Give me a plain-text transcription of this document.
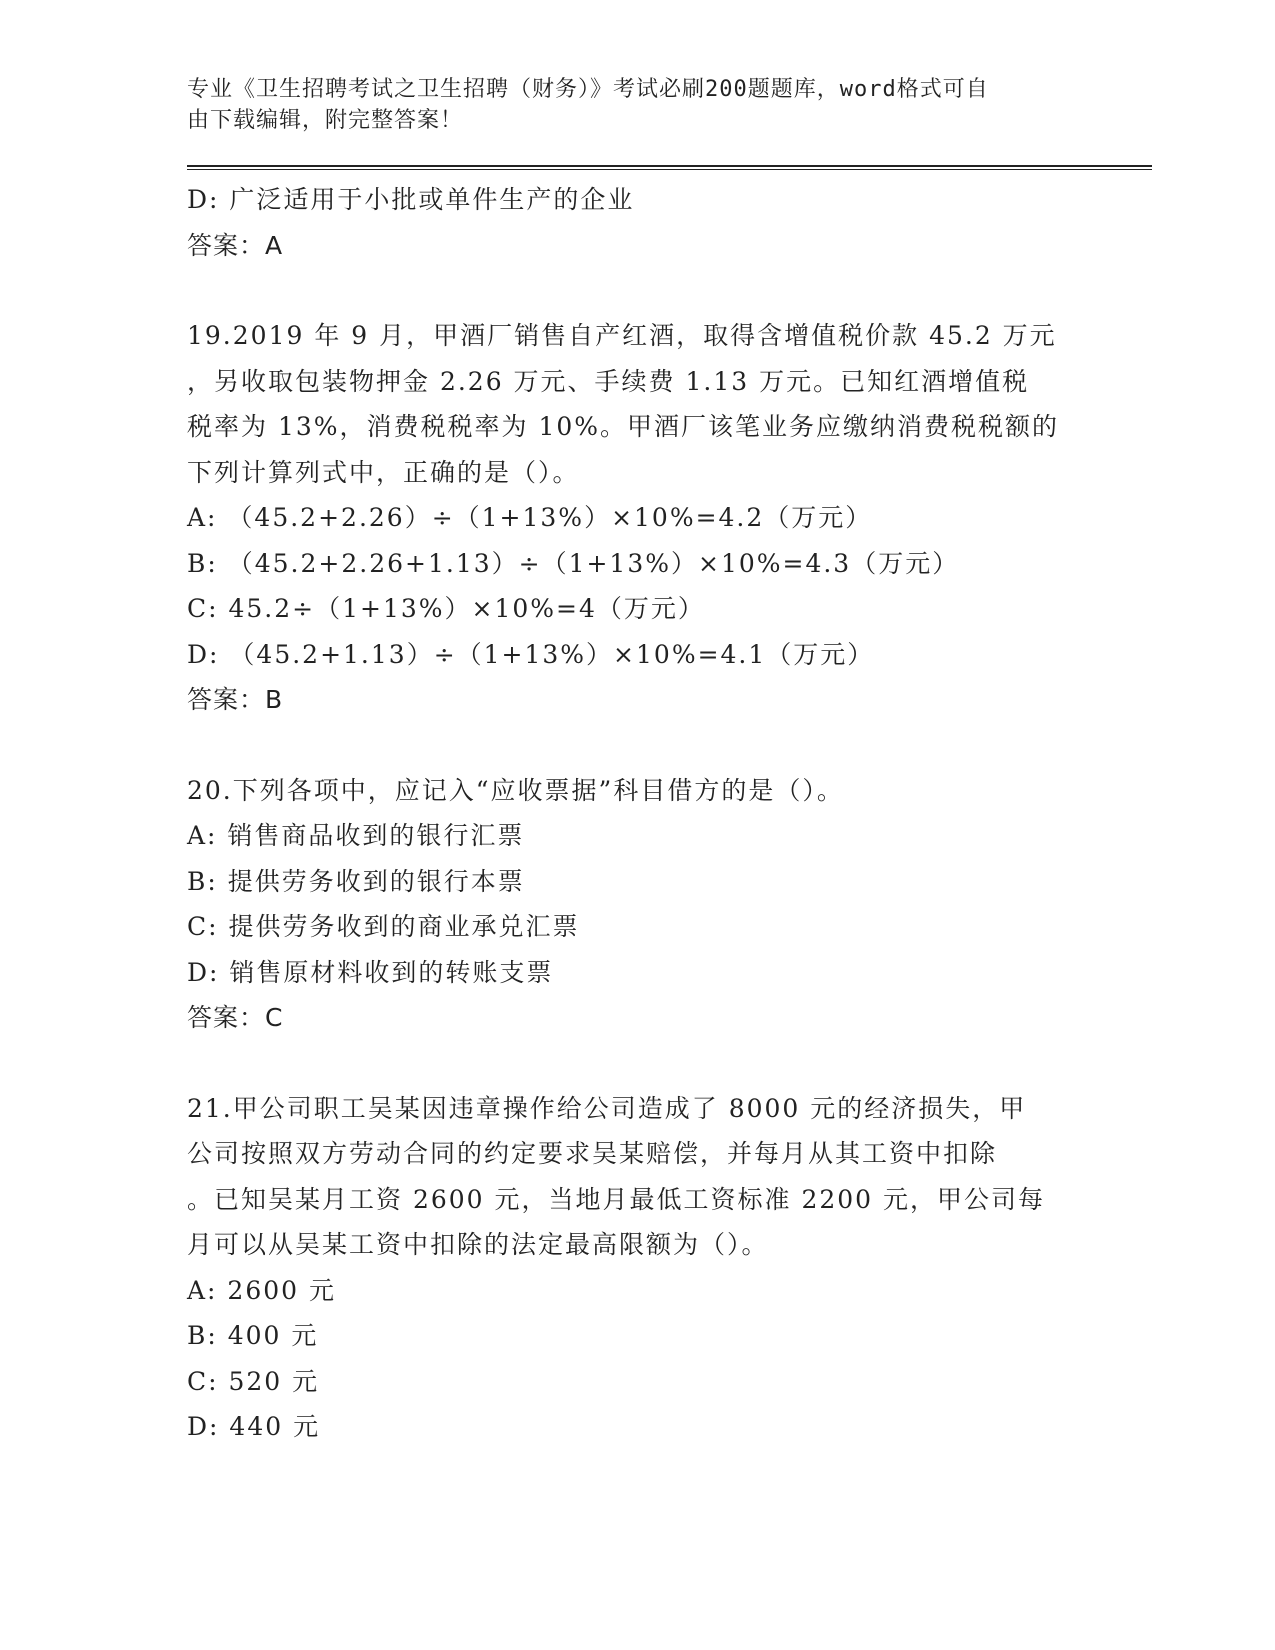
专业《卫生招聘考试之卫生招聘（财务）》考试必刷200题题库，word格式可自
由下载编辑，附完整答案！
D: 广泛适用于小批或单件生产的企业
答案：A
19.2019 年 9 月，甲酒厂销售自产红酒，取得含增值税价款 45.2 万元
，另收取包装物押金 2.26 万元、手续费 1.13 万元。已知红酒增值税
税率为 13%，消费税税率为 10%。甲酒厂该笔业务应缴纳消费税税额的
下列计算列式中，正确的是（）。
A: （45.2+2.26）÷（1+13%）×10%=4.2（万元）
B: （45.2+2.26+1.13）÷（1+13%）×10%=4.3（万元）
C: 45.2÷（1+13%）×10%=4（万元）
D: （45.2+1.13）÷（1+13%）×10%=4.1（万元）
答案：B
20.下列各项中，应记入“应收票据”科目借方的是（）。
A: 销售商品收到的银行汇票
B: 提供劳务收到的银行本票
C: 提供劳务收到的商业承兑汇票
D: 销售原材料收到的转账支票
答案：C
21.甲公司职工吴某因违章操作给公司造成了 8000 元的经济损失，甲
公司按照双方劳动合同的约定要求吴某赔偿，并每月从其工资中扣除
。已知吴某月工资 2600 元，当地月最低工资标准 2200 元，甲公司每
月可以从吴某工资中扣除的法定最高限额为（）。
A: 2600 元
B: 400 元
C: 520 元
D: 440 元
